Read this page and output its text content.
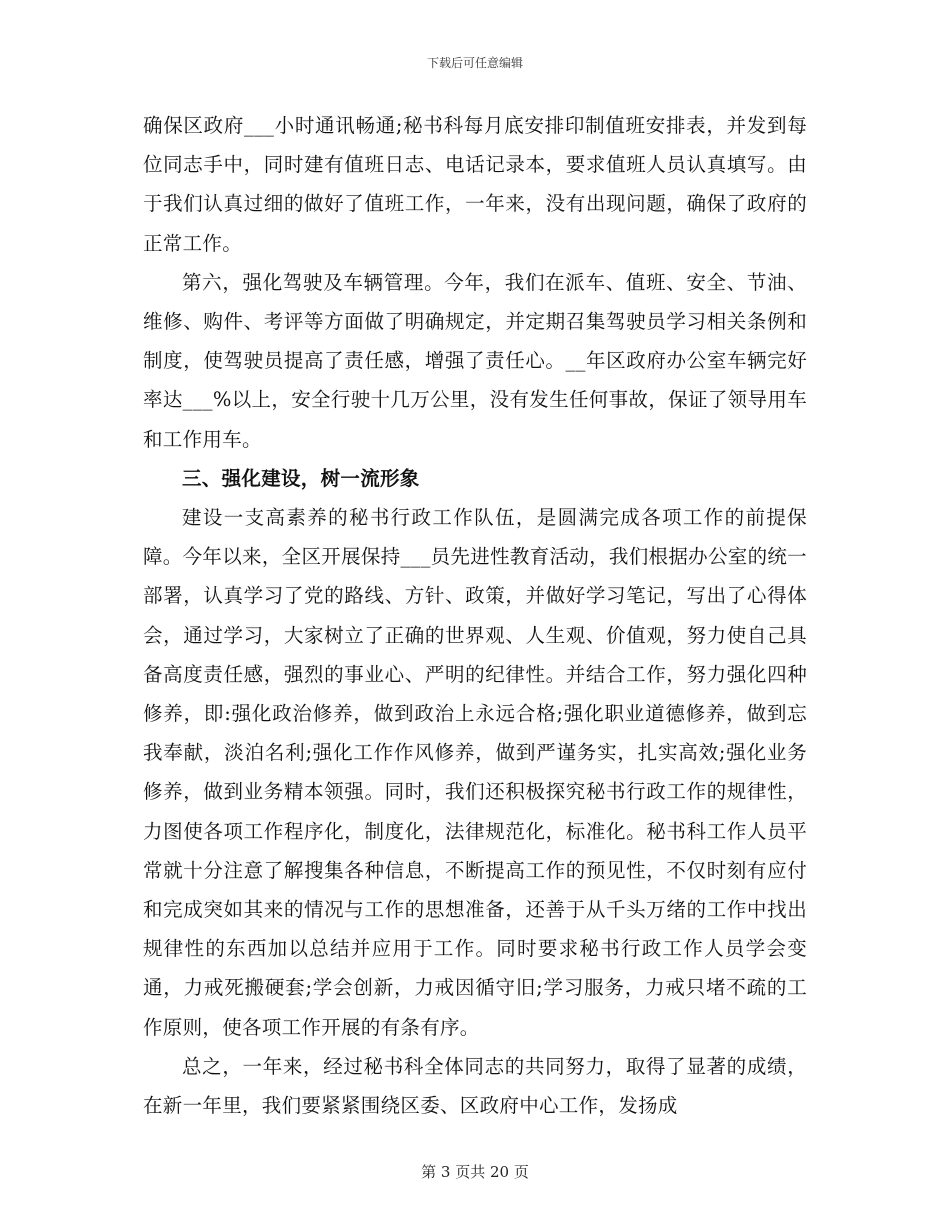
下载后可任意编辑

确保区政府___小时通讯畅通;秘书科每月底安排印制值班安排表，并发到每位同志手中，同时建有值班日志、电话记录本，要求值班人员认真填写。由于我们认真过细的做好了值班工作，一年来，没有出现问题，确保了政府的正常工作。

第六，强化驾驶及车辆管理。今年，我们在派车、值班、安全、节油、维修、购件、考评等方面做了明确规定，并定期召集驾驶员学习相关条例和制度，使驾驶员提高了责任感，增强了责任心。__年区政府办公室车辆完好率达___%以上，安全行驶十几万公里，没有发生任何事故，保证了领导用车和工作用车。

三、强化建设，树一流形象

建设一支高素养的秘书行政工作队伍，是圆满完成各项工作的前提保障。今年以来，全区开展保持___员先进性教育活动，我们根据办公室的统一部署，认真学习了党的路线、方针、政策，并做好学习笔记，写出了心得体会，通过学习，大家树立了正确的世界观、人生观、价值观，努力使自己具备高度责任感，强烈的事业心、严明的纪律性。并结合工作，努力强化四种修养，即:强化政治修养，做到政治上永远合格;强化职业道德修养，做到忘我奉献，淡泊名利;强化工作作风修养，做到严谨务实，扎实高效;强化业务修养，做到业务精本领强。同时，我们还积极探究秘书行政工作的规律性，力图使各项工作程序化，制度化，法律规范化，标准化。秘书科工作人员平常就十分注意了解搜集各种信息，不断提高工作的预见性，不仅时刻有应付和完成突如其来的情况与工作的思想准备，还善于从千头万绪的工作中找出规律性的东西加以总结并应用于工作。同时要求秘书行政工作人员学会变通，力戒死搬硬套;学会创新，力戒因循守旧;学习服务，力戒只堵不疏的工作原则，使各项工作开展的有条有序。

总之，一年来，经过秘书科全体同志的共同努力，取得了显著的成绩，在新一年里，我们要紧紧围绕区委、区政府中心工作，发扬成

第 3 页共 20 页
